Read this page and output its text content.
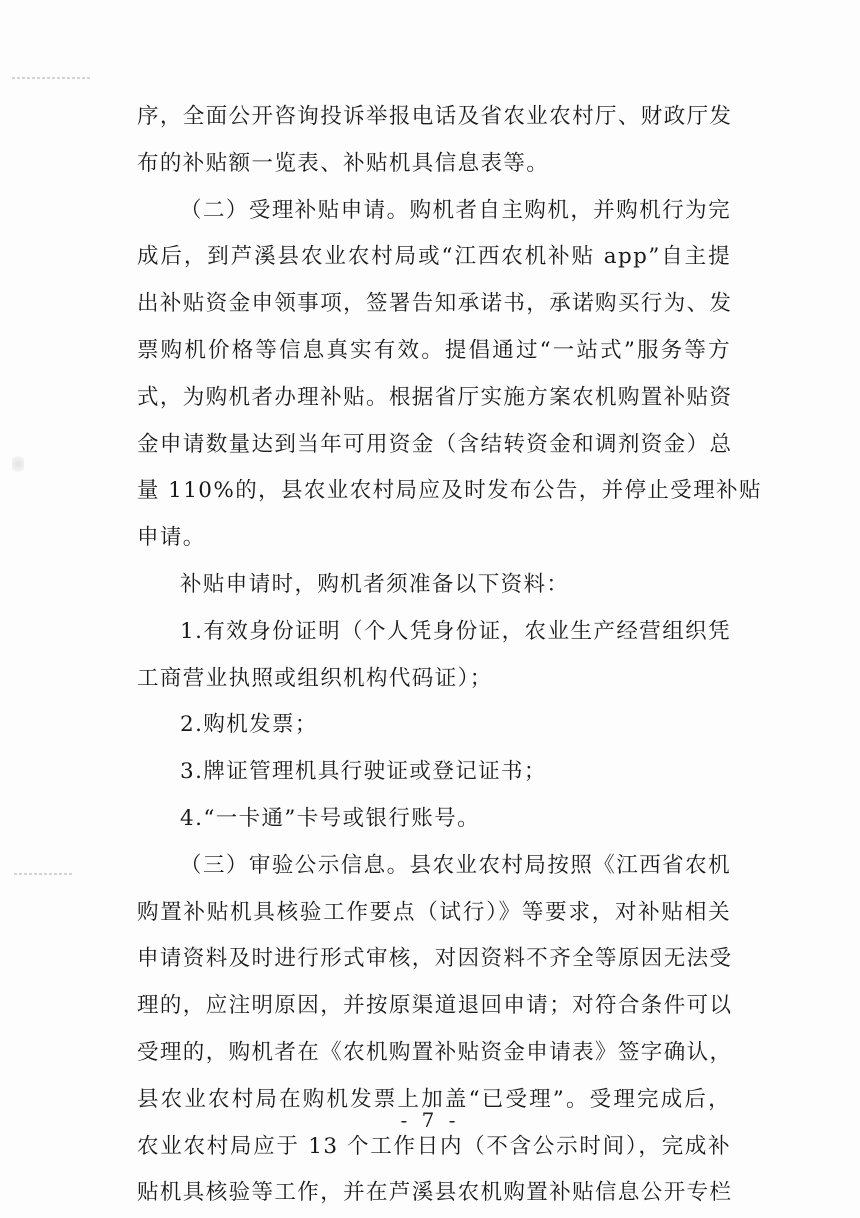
序，全面公开咨询投诉举报电话及省农业农村厅、财政厅发
布的补贴额一览表、补贴机具信息表等。
（二）受理补贴申请。购机者自主购机，并购机行为完
成后，到芦溪县农业农村局或“江西农机补贴 app”自主提
出补贴资金申领事项，签署告知承诺书，承诺购买行为、发
票购机价格等信息真实有效。提倡通过“一站式”服务等方
式，为购机者办理补贴。根据省厅实施方案农机购置补贴资
金申请数量达到当年可用资金（含结转资金和调剂资金）总
量 110%的，县农业农村局应及时发布公告，并停止受理补贴
申请。
补贴申请时，购机者须准备以下资料：
1.有效身份证明（个人凭身份证，农业生产经营组织凭
工商营业执照或组织机构代码证）；
2.购机发票；
3.牌证管理机具行驶证或登记证书；
4.“一卡通”卡号或银行账号。
（三）审验公示信息。县农业农村局按照《江西省农机
购置补贴机具核验工作要点（试行）》等要求，对补贴相关
申请资料及时进行形式审核，对因资料不齐全等原因无法受
理的，应注明原因，并按原渠道退回申请；对符合条件可以
受理的，购机者在《农机购置补贴资金申请表》签字确认，
县农业农村局在购机发票上加盖“已受理”。受理完成后，
农业农村局应于 13 个工作日内（不含公示时间），完成补
贴机具核验等工作，并在芦溪县农机购置补贴信息公开专栏
- 7 -
